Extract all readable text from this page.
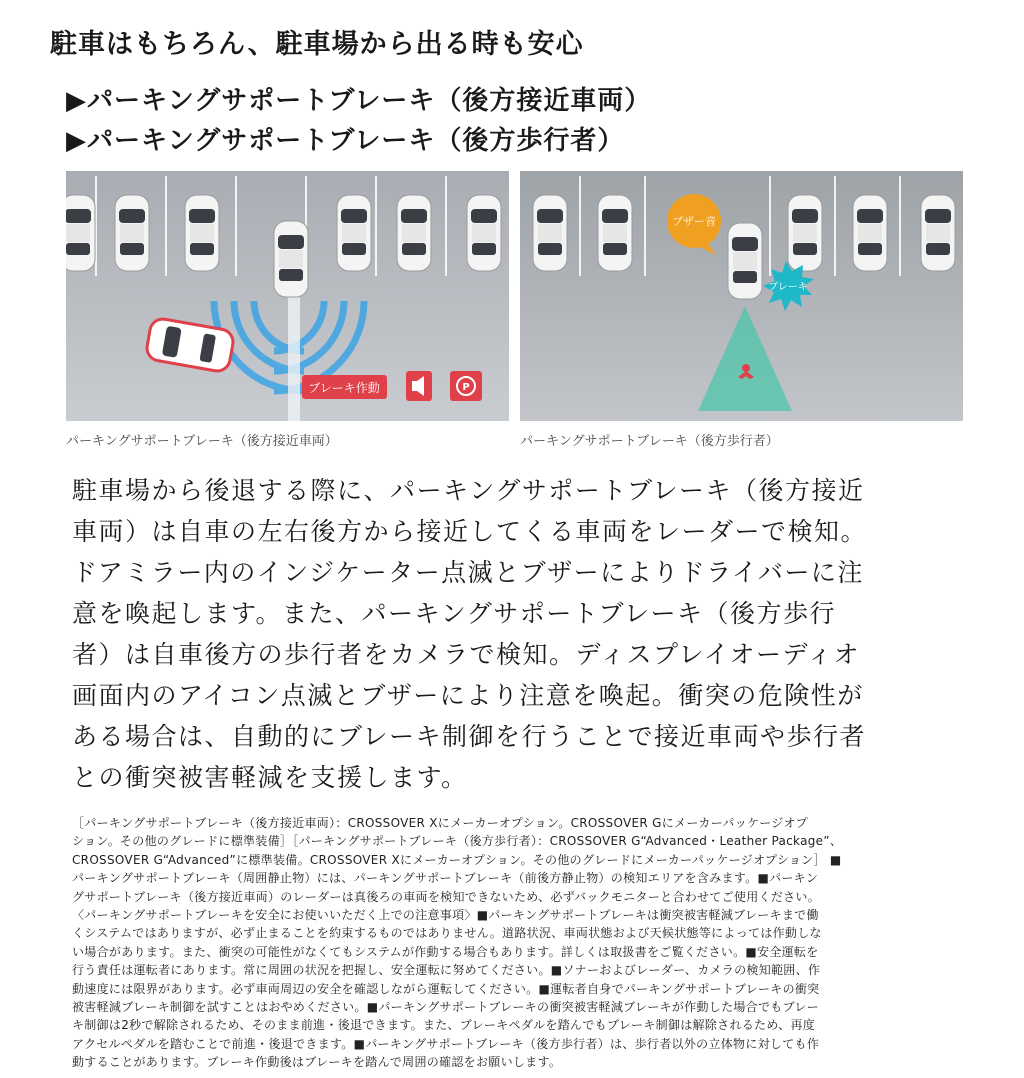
駐車はもちろん、駐車場から出る時も安心
▶パーキングサポートブレーキ（後方接近車両）
▶パーキングサポートブレーキ（後方歩行者）
ブレーキ作動	P
ブザー音
ブレーキ
パーキングサポートブレーキ（後方接近車両）	パーキングサポートブレーキ（後方歩行者）

駐車場から後退する際に、パーキングサポートブレーキ（後方接近

車両）は自車の左右後方から接近してくる車両をレーダーで検知。

ドアミラー内のインジケーター点滅とブザーによりドライバーに注

意を喚起します。また、パーキングサポートブレーキ（後方歩行

者）は自車後方の歩行者をカメラで検知。ディスプレイオーディオ

画面内のアイコン点滅とブザーにより注意を喚起。衝突の危険性が

ある場合は、自動的にブレーキ制御を行うことで接近車両や歩行者

との衝突被害軽減を支援します。

［パーキングサポートブレーキ（後方接近車両）：CROSSOVER Xにメーカーオプション。CROSSOVER Gにメーカーパッケージオプ

ション。その他のグレードに標準装備］［パーキングサポートブレーキ（後方歩行者）：CROSSOVER G“Advanced・Leather Package”、

CROSSOVER G“Advanced”に標準装備。CROSSOVER Xにメーカーオプション。その他のグレードにメーカーパッケージオプション］ ■

パーキングサポートブレーキ（周囲静止物）には、パーキングサポートブレーキ（前後方静止物）の検知エリアを含みます。■パーキン

グサポートブレーキ（後方接近車両）のレーダーは真後ろの車両を検知できないため、必ずバックモニターと合わせてご使用ください。

〈パーキングサポートブレーキを安全にお使いいただく上での注意事項〉■パーキングサポートブレーキは衝突被害軽減ブレーキまで働

くシステムではありますが、必ず止まることを約束するものではありません。道路状況、車両状態および天候状態等によっては作動しな

い場合があります。また、衝突の可能性がなくてもシステムが作動する場合もあります。詳しくは取扱書をご覧ください。■安全運転を

行う責任は運転者にあります。常に周囲の状況を把握し、安全運転に努めてください。■ソナーおよびレーダー、カメラの検知範囲、作

動速度には限界があります。必ず車両周辺の安全を確認しながら運転してください。■運転者自身でパーキングサポートブレーキの衝突

被害軽減ブレーキ制御を試すことはおやめください。■パーキングサポートブレーキの衝突被害軽減ブレーキが作動した場合でもブレー

キ制御は2秒で解除されるため、そのまま前進・後退できます。また、ブレーキペダルを踏んでもブレーキ制御は解除されるため、再度

アクセルペダルを踏むことで前進・後退できます。■パーキングサポートブレーキ（後方歩行者）は、歩行者以外の立体物に対しても作

動することがあります。ブレーキ作動後はブレーキを踏んで周囲の確認をお願いします。
